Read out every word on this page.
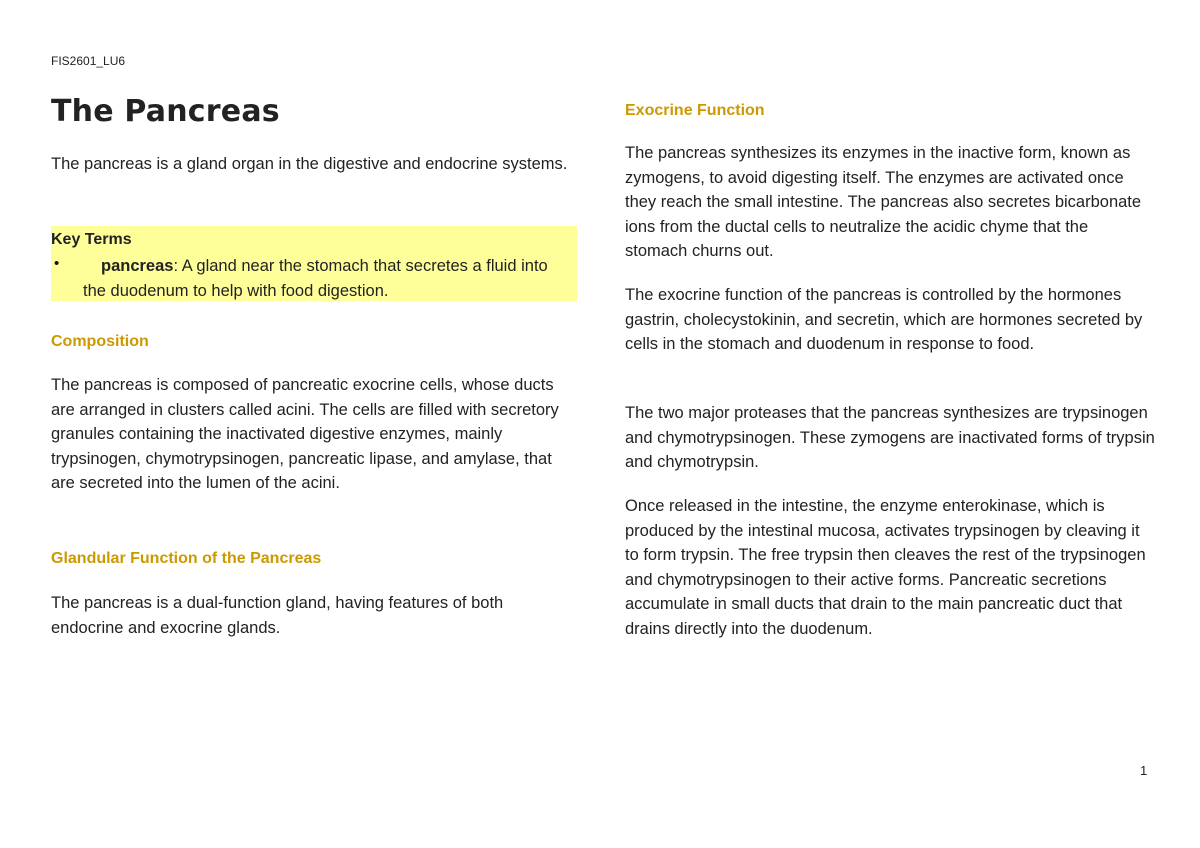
FIS2601_LU6
The Pancreas

The pancreas is a gland organ in the digestive and endocrine systems.

Key Terms
•	pancreas: A gland near the stomach that secretes a fluid into the duodenum to help with food digestion.
Composition

The pancreas is composed of pancreatic exocrine cells, whose ducts are arranged in clusters called acini. The cells are filled with secretory granules containing the inactivated digestive enzymes, mainly trypsinogen, chymotrypsinogen, pancreatic lipase, and amylase, that are secreted into the lumen of the acini.

Glandular Function of the Pancreas

The pancreas is a dual-function gland, having features of both endocrine and exocrine glands.

Exocrine Function

The pancreas synthesizes its enzymes in the inactive form, known as zymogens, to avoid digesting itself. The enzymes are activated once they reach the small intestine. The pancreas also secretes bicarbonate ions from the ductal cells to neutralize the acidic chyme that the stomach churns out.

The exocrine function of the pancreas is controlled by the hormones gastrin, cholecystokinin, and secretin, which are hormones secreted by cells in the stomach and duodenum in response to food.

The two major proteases that the pancreas synthesizes are trypsinogen and chymotrypsinogen. These zymogens are inactivated forms of trypsin and chymotrypsin.

Once released in the intestine, the enzyme enterokinase, which is produced by the intestinal mucosa, activates trypsinogen by cleaving it to form trypsin. The free trypsin then cleaves the rest of the trypsinogen and chymotrypsinogen to their active forms. Pancreatic secretions accumulate in small ducts that drain to the main pancreatic duct that drains directly into the duodenum.

1
